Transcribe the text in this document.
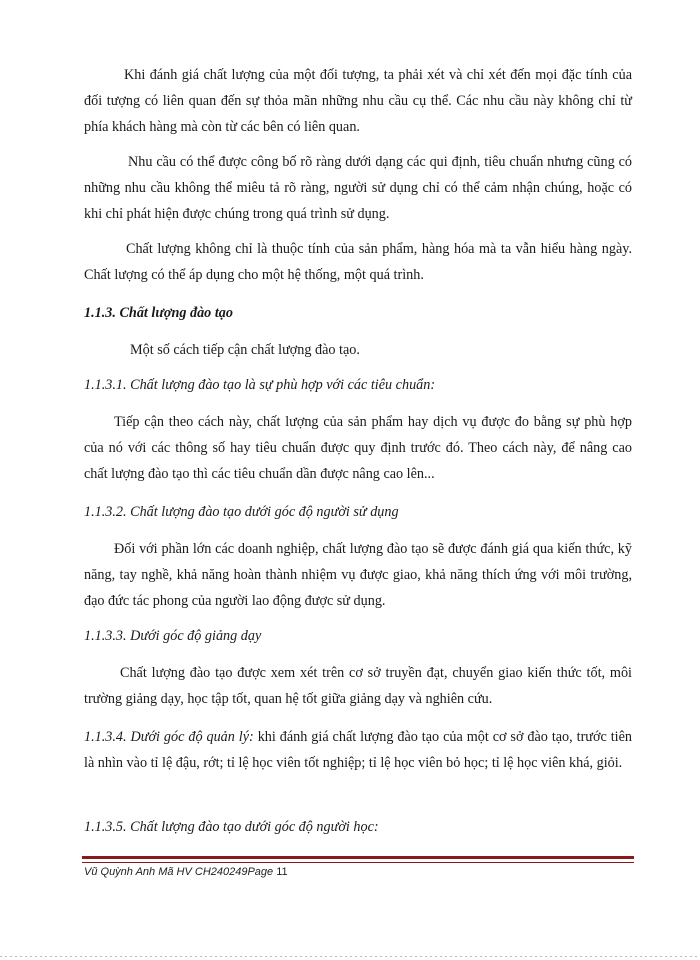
Khi đánh giá chất lượng của một đối tượng, ta phải xét và chỉ xét đến mọi đặc tính của đối tượng có liên quan đến sự thỏa mãn những nhu cầu cụ thể. Các nhu cầu này không chỉ từ phía khách hàng mà còn từ các bên có liên quan.

Nhu cầu có thể được công bố rõ ràng dưới dạng các qui định, tiêu chuẩn nhưng cũng có những nhu cầu không thể miêu tả rõ ràng, người sử dụng chỉ có thể cảm nhận chúng, hoặc có khi chỉ phát hiện được chúng trong quá trình sử dụng.

Chất lượng không chỉ là thuộc tính của sản phẩm, hàng hóa mà ta vẫn hiểu hàng ngày. Chất lượng có thể áp dụng cho một hệ thống, một quá trình.

1.1.3. Chất lượng đào tạo

Một số cách tiếp cận chất lượng đào tạo.

1.1.3.1. Chất lượng đào tạo là sự phù hợp với các tiêu chuẩn:

Tiếp cận theo cách này, chất lượng của sản phẩm hay dịch vụ được đo bằng sự phù hợp của nó với các thông số hay tiêu chuẩn được quy định trước đó. Theo cách này, để nâng cao chất lượng đào tạo thì các tiêu chuẩn dần được nâng cao lên...

1.1.3.2. Chất lượng đào tạo dưới góc độ người sử dụng

Đối với phần lớn các doanh nghiệp, chất lượng đào tạo sẽ được đánh giá qua kiến thức, kỹ năng, tay nghề, khả năng hoàn thành nhiệm vụ được giao, khả năng thích ứng với môi trường, đạo đức tác phong của người lao động được sử dụng.

1.1.3.3. Dưới góc độ giảng dạy

Chất lượng đào tạo được xem xét trên cơ sở truyền đạt, chuyển giao kiến thức tốt, môi trường giảng dạy, học tập tốt, quan hệ tốt giữa giảng dạy và nghiên cứu.

1.1.3.4. Dưới góc độ quản lý: khi đánh giá chất lượng đào tạo của một cơ sở đào tạo, trước tiên là nhìn vào tỉ lệ đậu, rớt; tỉ lệ học viên tốt nghiệp; tỉ lệ học viên bỏ học; tỉ lệ học viên khá, giỏi.

1.1.3.5. Chất lượng đào tạo dưới góc độ người học:
Vũ Quỳnh Anh Mã HV CH240249Page 11
